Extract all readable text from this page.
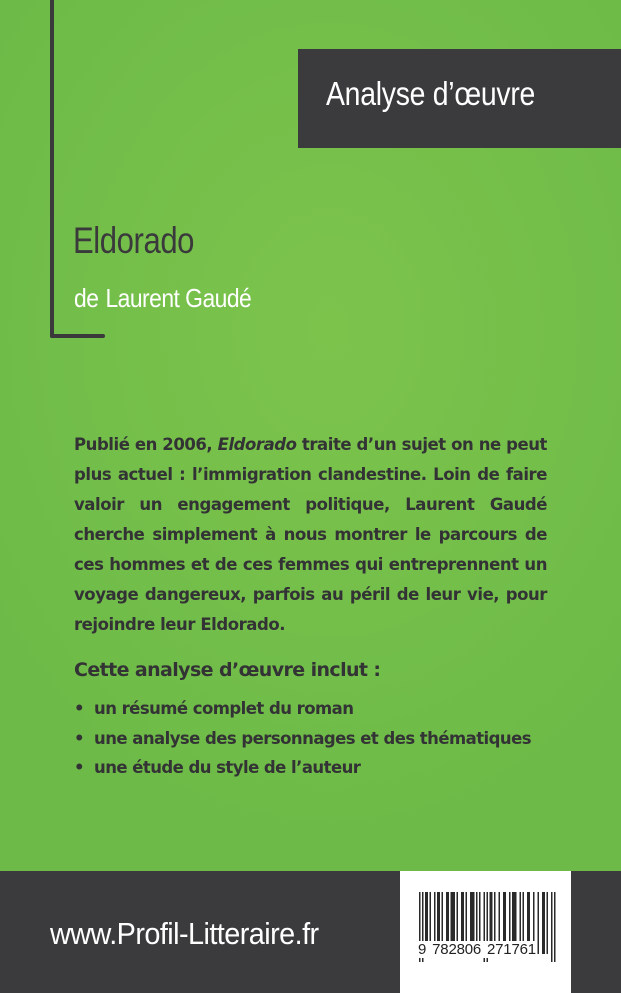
Analyse d’œuvre
Eldorado
de Laurent Gaudé
Publié en 2006, Eldorado traite d’un sujet on ne peut plus actuel : l’immigration clandestine. Loin de faire valoir un engagement politique, Laurent Gaudé cherche simplement à nous montrer le parcours de ces hommes et de ces femmes qui entreprennent un voyage dangereux, parfois au péril de leur vie, pour rejoindre leur Eldorado.
Cette analyse d’œuvre inclut :
• un résumé complet du roman
• une analyse des personnages et des thématiques
• une étude du style de l’auteur
www.Profil-Litteraire.fr	9 782806 271761
